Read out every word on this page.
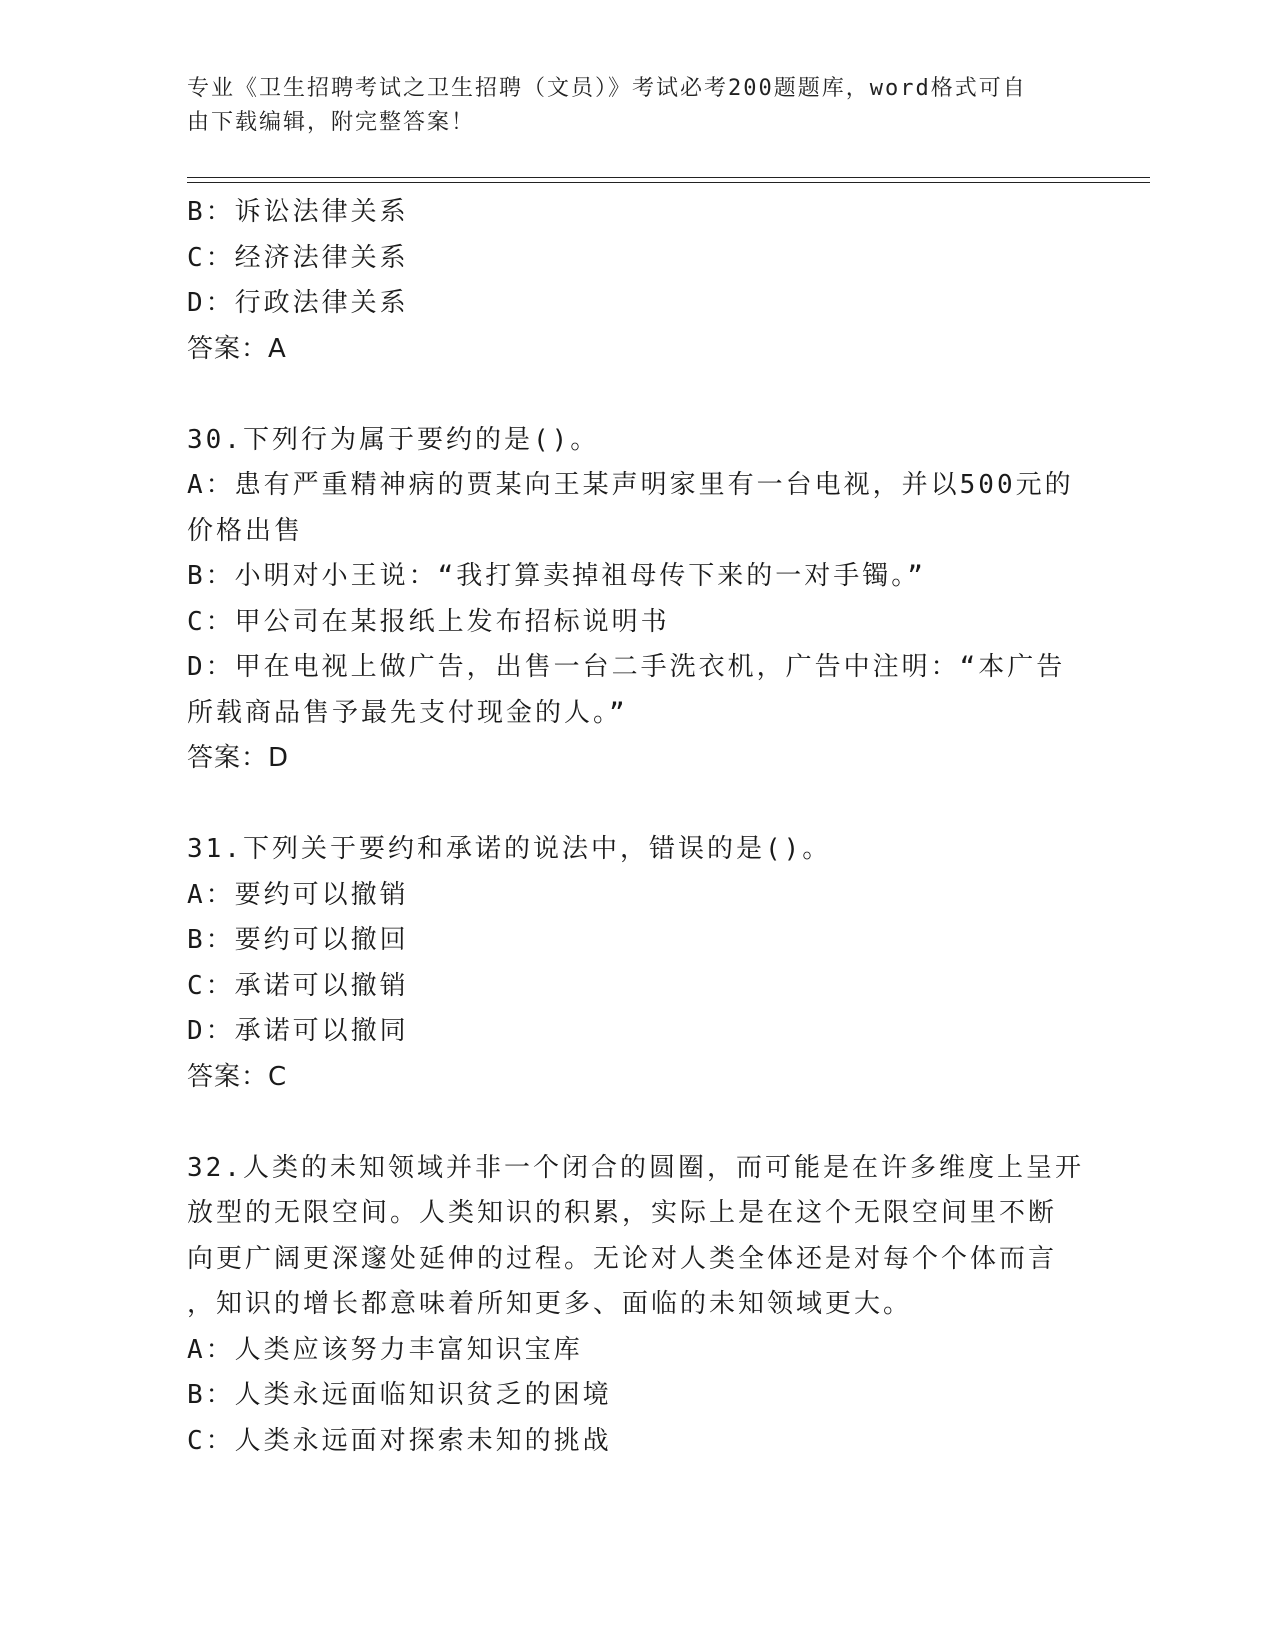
专业《卫生招聘考试之卫生招聘（文员）》考试必考200题题库，word格式可自
由下载编辑，附完整答案！

B：诉讼法律关系

C：经济法律关系

D：行政法律关系

答案：A

30.下列行为属于要约的是()。

A：患有严重精神病的贾某向王某声明家里有一台电视，并以500元的

价格出售

B：小明对小王说：“我打算卖掉祖母传下来的一对手镯。”

C：甲公司在某报纸上发布招标说明书

D：甲在电视上做广告，出售一台二手洗衣机，广告中注明：“本广告

所载商品售予最先支付现金的人。”

答案：D

31.下列关于要约和承诺的说法中，错误的是()。

A：要约可以撤销

B：要约可以撤回

C：承诺可以撤销

D：承诺可以撤同

答案：C

32.人类的未知领域并非一个闭合的圆圈，而可能是在许多维度上呈开

放型的无限空间。人类知识的积累，实际上是在这个无限空间里不断

向更广阔更深邃处延伸的过程。无论对人类全体还是对每个个体而言

，知识的增长都意味着所知更多、面临的未知领域更大。

A：人类应该努力丰富知识宝库

B：人类永远面临知识贫乏的困境

C：人类永远面对探索未知的挑战
